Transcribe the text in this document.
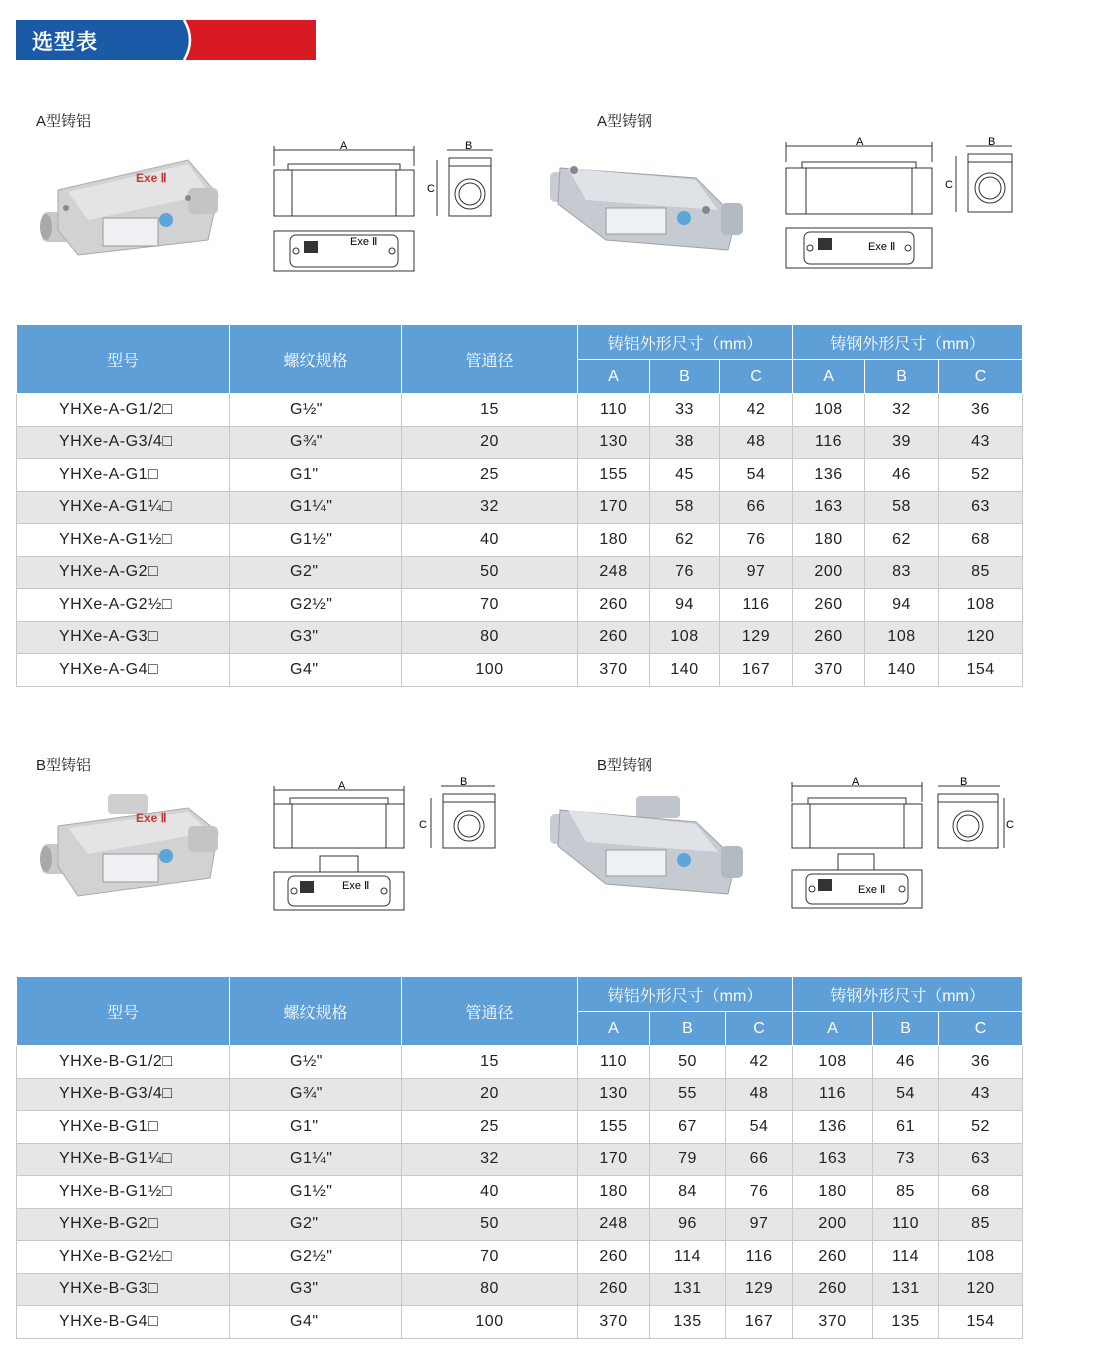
选型表
A型铸铝	A型铸钢
Exe Ⅱ
A
Exe Ⅱ
B
C
A
Exe Ⅱ
B
C
型号	螺纹规格	管通径	铸铝外形尺寸（mm）			铸钢外形尺寸（mm）		
			A	B	C	A	B	C
YHXe-A-G1/2□	G½"	15	110	33	42	108	32	36
YHXe-A-G3/4□	G¾"	20	130	38	48	116	39	43
YHXe-A-G1□	G1"	25	155	45	54	136	46	52
YHXe-A-G1¼□	G1¼"	32	170	58	66	163	58	63
YHXe-A-G1½□	G1½"	40	180	62	76	180	62	68
YHXe-A-G2□	G2"	50	248	76	97	200	83	85
YHXe-A-G2½□	G2½"	70	260	94	116	260	94	108
YHXe-A-G3□	G3"	80	260	108	129	260	108	120
YHXe-A-G4□	G4"	100	370	140	167	370	140	154
B型铸铝	B型铸钢
Exe Ⅱ
A
Exe Ⅱ
B
C
A
Exe Ⅱ
B
C
型号	螺纹规格	管通径	铸铝外形尺寸（mm）			铸钢外形尺寸（mm）		
			A	B	C	A	B	C
YHXe-B-G1/2□	G½"	15	110	50	42	108	46	36
YHXe-B-G3/4□	G¾"	20	130	55	48	116	54	43
YHXe-B-G1□	G1"	25	155	67	54	136	61	52
YHXe-B-G1¼□	G1¼"	32	170	79	66	163	73	63
YHXe-B-G1½□	G1½"	40	180	84	76	180	85	68
YHXe-B-G2□	G2"	50	248	96	97	200	110	85
YHXe-B-G2½□	G2½"	70	260	114	116	260	114	108
YHXe-B-G3□	G3"	80	260	131	129	260	131	120
YHXe-B-G4□	G4"	100	370	135	167	370	135	154
